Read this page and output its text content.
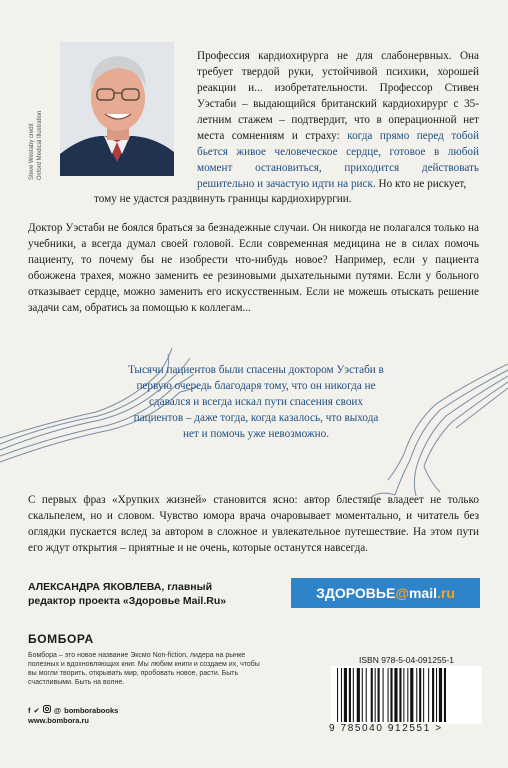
Steve Westaby credit Oxford Medical Illustration
Профессия кардиохирурга не для слабонервных. Она требует твердой руки, устойчивой психики, хорошей реакции и... изобретательности. Профессор Стивен Уэстаби – выдающийся британский кардиохирург с 35-летним стажем – подтвердит, что в операционной нет места сомнениям и страху: когда прямо перед тобой бьется живое человеческое сердце, готовое в любой момент остановиться, приходится действовать решительно и зачастую идти на риск. Но кто не рискует,
тому не удастся раздвинуть границы кардиохирургии.
Доктор Уэстаби не боялся браться за безнадежные случаи. Он никогда не полагался только на учебники, а всегда думал своей головой. Если современная медицина не в силах помочь пациенту, то почему бы не изобрести что-нибудь новое? Например, если у пациента обожжена трахея, можно заменить ее резиновыми дыхательными путями. Если у больного отказывает сердце, можно заменить его искусственным. Если не можешь отыскать решение задачи сам, обратись за помощью к коллегам...
Тысячи пациентов были спасены доктором Уэстаби в первую очередь благодаря тому, что он никогда не сдавался и всегда искал пути спасения своих пациентов – даже тогда, когда казалось, что выхода нет и помочь уже невозможно.
С первых фраз «Хрупких жизней» становится ясно: автор блестяще владеет не только скальпелем, но и словом. Чувство юмора врача очаровывает моментально, и читатель без оглядки пускается вслед за автором в сложное и увлекательное путешествие. На этом пути его ждут открытия – приятные и не очень, которые останутся навсегда.
АЛЕКСАНДРА ЯКОВЛЕВА, главный редактор проекта «Здоровье Mail.Ru»	ЗДОРОВЬЕ@mail.ru
БОМБОРА
Бомбора – это новое название Эксмо Non-fiction, лидера на рынке полезных и вдохновляющих книг. Мы любим книги и создаем их, чтобы вы могли творить, открывать мир, пробовать новое, расти. Быть счастливыми. Быть на волне.
f ✔ @ bomborabooks
www.bombora.ru
ISBN 978-5-04-091255-1
9 785040 912551 >
